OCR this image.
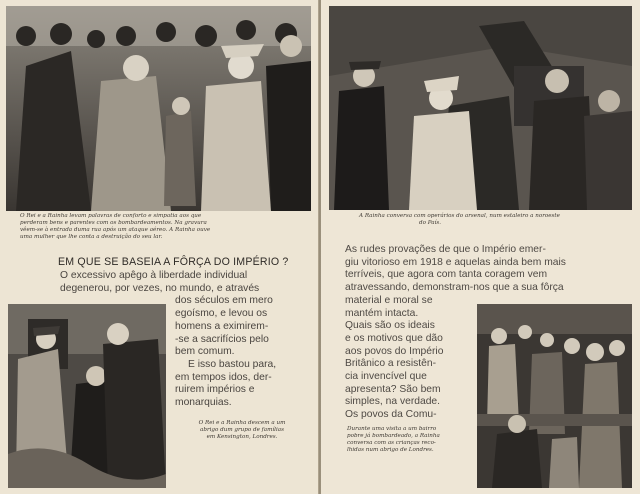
O Rei e a Rainha levam palavras de conforto e simpatia aos que
perderam bens e parentes com os bombardeamentos. Na gravura
vêem-se à entrada duma rua após um ataque aéreo. A Rainha ouve
uma mulher que lhe conta a destruição do seu lar.
EM QUE SE BASEIA A FÔRÇA DO IMPÉRIO ?
O excessivo apêgo à liberdade individual
degenerou, por vezes, no mundo, e através
dos séculos em mero
egoísmo, e levou os
homens a eximirem-
-se a sacrifícios pelo
bem comum.
E isso bastou para,
em tempos idos, der-
ruirem impérios e
monarquias.
O Rei e a Rainha descem a um
abrigo dum grupo de famílias
em Kensington, Londres.
A Rainha conversa com operários do arsenal, num estaleiro a noroeste
do País.
As rudes provações de que o Império emer-
giu vitorioso em 1918 e aquelas ainda bem mais
terríveis, que agora com tanta coragem vem
atravessando, demonstram-nos que a sua fôrça
material e moral se
mantém intacta.
Quais são os ideais
e os motivos que dão
aos povos do Império
Britânico a resistên-
cia invencível que
apresenta? São bem
simples, na verdade.
Os povos da Comu-
Durante uma visita a um bairro
pobre já bombardeado, a Rainha
conversa com as crianças reco-
lhidas num abrigo de Londres.
